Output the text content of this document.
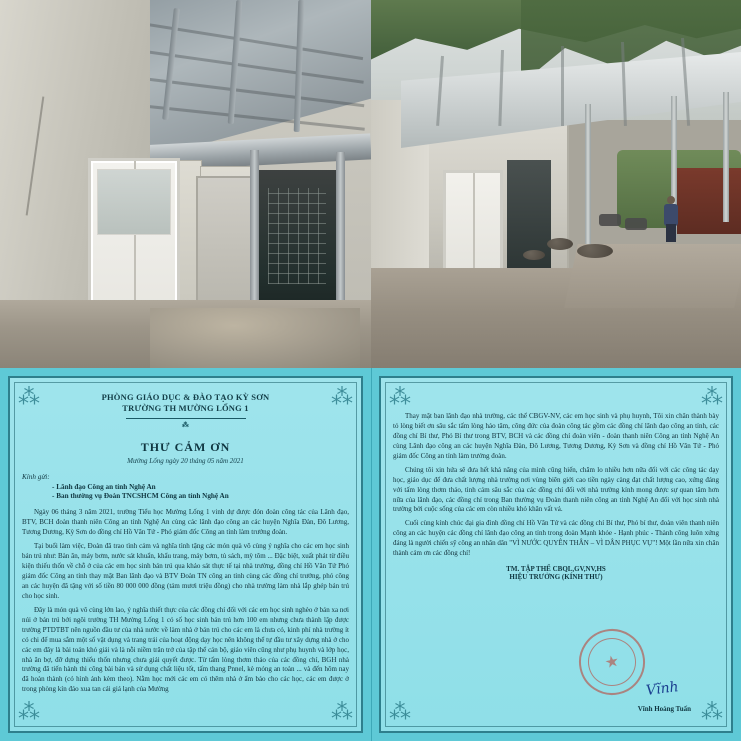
⁂	⁂
⁂	⁂
PHÒNG GIÁO DỤC & ĐÀO TẠO KỲ SƠN
TRƯỜNG TH MƯỜNG LỐNG 1
⁂
THƯ CẢM ƠN
Mường Lống ngày 20 tháng 05 năm 2021
Kính gửi:
- Lãnh đạo Công an tỉnh Nghệ An
- Ban thường vụ Đoàn TNCSHCM Công an tỉnh Nghệ An
Ngày 06 tháng 3 năm 2021, trường Tiểu học Mường Lống 1 vinh dự được đón đoàn công tác của Lãnh đạo, BTV, BCH đoàn thanh niên Công an tỉnh Nghệ An cùng các lãnh đạo công an các huyện Nghĩa Đàn, Đô Lương, Tương Dương, Kỳ Sơn do đồng chí Hồ Văn Tứ - Phó giám đốc Công an tỉnh làm trưởng đoàn.
Tại buổi làm việc, Đoàn đã trao tình cảm và nghĩa tình tặng các món quà vô cùng ý nghĩa cho các em học sinh bán trú như: Bàn ăn, máy bơm, nước sát khuẩn, khẩu trang, máy bơm, tủ sách, mỳ tôm ... Đặc biệt, xuất phát từ điều kiện thiếu thốn về chỗ ở của các em học sinh bán trú qua khảo sát thực tế tại nhà trường, đồng chí Hồ Văn Tứ Phó giám đốc Công an tỉnh thay mặt Ban lãnh đạo và BTV Đoàn TN công an tỉnh cùng các đồng chí trưởng, phó công an các huyện đã tặng với số tiền 80 000 000 đồng (tám mươi triệu đồng) cho nhà trường làm nhà lắp ghép bán trú cho học sinh.
Đây là món quà vô cùng lớn lao, ý nghĩa thiết thực của các đồng chí đối với các em học sinh nghèo ở bản xa nơi núi ở bán trú bởi ngôi trường TH Mường Lống 1 có số học sinh bán trú hơn 100 em nhưng chưa thành lập được trường PTDTBT nên nguồn đầu tư của nhà nước về làm nhà ở bán trú cho các em là chưa có, kinh phí nhà trường ít có chi để mua sắm một số vật dụng và trang trải của hoạt động dạy học nên không thể tự đầu tư xây dựng nhà ở cho các em đây là bài toán khó giải và là nỗi niềm trăn trở của tập thể cán bộ, giáo viên cũng như phụ huynh và lớp học, nhà ăn bợ, đỡ dựng thiếu thốn nhưng chưa giải quyết được. Từ tấm lòng thơm thảo của các đồng chí, BGH nhà trường đã tiến hành thi công bài bản và sử dụng chất liệu tốt, tấm thang Pnnel, kè móng an toàn ... và đến hôm nay đã hoàn thành (có hình ảnh kèm theo). Nằm học mới các em có thêm nhà ở ẩm bảo cho các học, các em được ở trong phòng kín đáo xua tan cái giá lạnh của Mường
⁂	⁂
⁂	⁂
Thay mặt ban lãnh đạo nhà trường, các thể CBGV-NV, các em học sinh và phụ huynh, Tôi xin chân thành bày tỏ lòng biết ơn sâu sắc tấm lòng hảo tâm, công đức của đoàn công tác gồm các đồng chí lãnh đạo công an tỉnh, các đồng chí Bí thư, Phó Bí thư trong BTV, BCH và các đồng chí đoàn viên - đoàn thanh niên Công an tỉnh Nghệ An cùng Lãnh đạo công an các huyện Nghĩa Đàn, Đô Lương, Tương Dương, Kỳ Sơn và đồng chí Hồ Văn Tứ - Phó giám đốc Công an tỉnh làm trưởng đoàn.
Chúng tôi xin hứa sẽ đưa hết khả năng của mình cũng hiến, chăm lo nhiều hơn nữa đối với các công tác dạy học, giáo dục để đưa chất lượng nhà trường nơi vùng biên giới cao tiền ngày càng đạt chất lượng cao, xứng đáng với tấm lòng thơm thảo, tình cảm sâu sắc của các đồng chí đối với nhà trường kính mong được sự quan tâm hơn nữa của lãnh đạo, các đồng chí trong Ban thường vụ Đoàn thanh niên công an tỉnh Nghệ An đối với học sinh nhà trường bởi cuộc sống của các em còn nhiều khó khăn vất vả.
Cuối cùng kính chúc đại gia đình đồng chí Hồ Văn Tứ và các đồng chí Bí thư, Phó bí thư, đoàn viên thanh niên công an các huyện các đồng chí lãnh đạo công an tỉnh trong đoàn Mạnh khỏe - Hạnh phúc - Thành công luôn xứng đáng là người chiến sỹ công an nhân dân "VÌ NƯỚC QUYÊN THÂN – VÌ DÂN PHỤC VỤ"! Một lần nữa xin chân thành cảm ơn các đồng chí!
TM. TẬP THỂ CBQL,GV,NV,HS
HIỆU TRƯỞNG (KÍNH THƯ)
★
Vĩnh
Vĩnh Hoàng Tuấn
